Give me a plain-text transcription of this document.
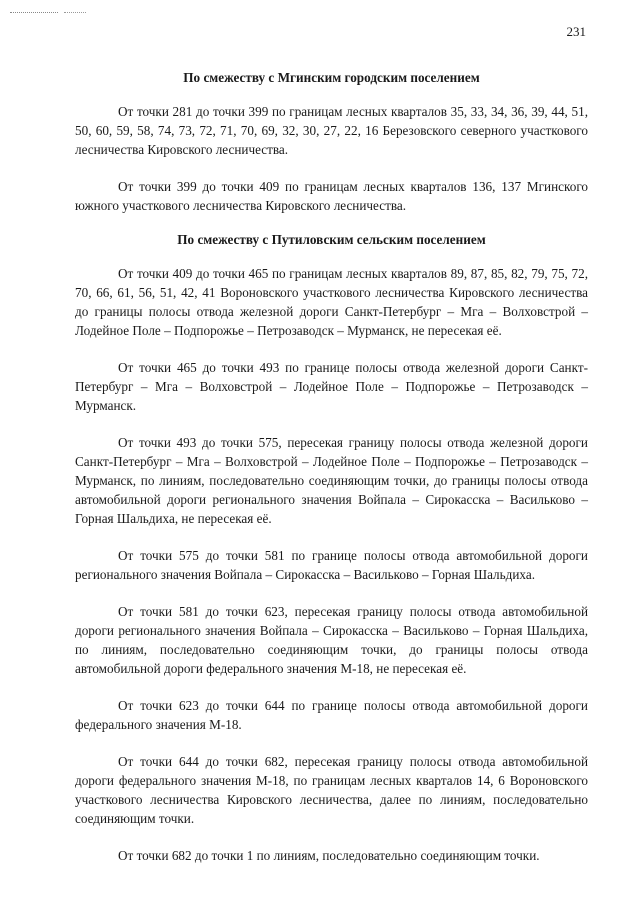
231
По смежеству с Мгинским городским поселением

От точки 281 до точки 399 по границам лесных кварталов 35, 33, 34, 36, 39, 44, 51, 50, 60, 59, 58, 74, 73, 72, 71, 70, 69, 32, 30, 27, 22, 16 Березовского северного участкового лесничества Кировского лесничества.

От точки 399 до точки 409 по границам лесных кварталов 136, 137 Мгинского южного участкового лесничества Кировского лесничества.

По смежеству с Путиловским сельским поселением

От точки 409 до точки 465 по границам лесных кварталов 89, 87, 85, 82, 79, 75, 72, 70, 66, 61, 56, 51, 42, 41 Вороновского участкового лесничества Кировского лесничества до границы полосы отвода железной дороги Санкт-Петербург – Мга – Волховстрой – Лодейное Поле – Подпорожье – Петрозаводск – Мурманск, не пересекая её.

От точки 465 до точки 493 по границе полосы отвода железной дороги Санкт-Петербург – Мга – Волховстрой – Лодейное Поле – Подпорожье – Петрозаводск – Мурманск.

От точки 493 до точки 575, пересекая границу полосы отвода железной дороги Санкт-Петербург – Мга – Волховстрой – Лодейное Поле – Подпорожье – Петрозаводск – Мурманск, по линиям, последовательно соединяющим точки, до границы полосы отвода автомобильной дороги регионального значения Войпала – Сирокасска – Васильково – Горная Шальдиха, не пересекая её.

От точки 575 до точки 581 по границе полосы отвода автомобильной дороги регионального значения Войпала – Сирокасска – Васильково – Горная Шальдиха.

От точки 581 до точки 623, пересекая границу полосы отвода автомобильной дороги регионального значения Войпала – Сирокасска – Васильково – Горная Шальдиха, по линиям, последовательно соединяющим точки, до границы полосы отвода автомобильной дороги федерального значения М-18, не пересекая её.

От точки 623 до точки 644 по границе полосы отвода автомобильной дороги федерального значения М-18.

От точки 644 до точки 682, пересекая границу полосы отвода автомобильной дороги федерального значения М-18, по границам лесных кварталов 14, 6 Вороновского участкового лесничества Кировского лесничества, далее по линиям, последовательно соединяющим точки.

От точки 682 до точки 1 по линиям, последовательно соединяющим точки.
